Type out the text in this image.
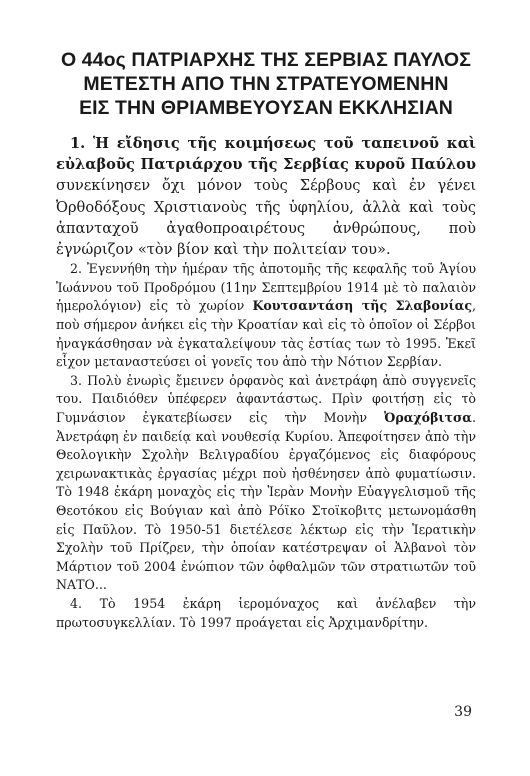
Ο 44ος ΠΑΤΡΙΑΡΧΗΣ ΤΗΣ ΣΕΡΒΙΑΣ ΠΑΥΛΟΣ
ΜΕΤΕΣΤΗ ΑΠΟ ΤΗΝ ΣΤΡΑΤΕΥΟΜΕΝΗΝ
ΕΙΣ ΤΗΝ ΘΡΙΑΜΒΕΥΟΥΣΑΝ ΕΚΚΛΗΣΙΑΝ

1. Ἡ εἴδησις τῆς κοιμήσεως τοῦ ταπεινοῦ καὶ εὐλαβοῦς Πατριάρχου τῆς Σερβίας κυροῦ Παύλου συνεκίνησεν ὄχι μόνον τοὺς Σέρβους καὶ ἐν γένει Ὀρθοδόξους Χριστιανοὺς τῆς ὑφηλίου, ἀλλὰ καὶ τοὺς ἁπανταχοῦ ἀγαθοπροαιρέτους ἀνθρώπους, ποὺ ἐγνώριζον «τὸν βίον καὶ τὴν πολιτείαν του».

2. Ἐγεννήθη τὴν ἡμέραν τῆς ἀποτομῆς τῆς κεφαλῆς τοῦ Ἁγίου Ἰωάννου τοῦ Προδρόμου (11ην Σεπτεμβρίου 1914 μὲ τὸ παλαιὸν ἡμερολόγιον) εἰς τὸ χωρίον Κουτσαντάση τῆς Σλαβονίας, ποὺ σήμερον ἀνήκει εἰς τὴν Κροατίαν καὶ εἰς τὸ ὁποῖον οἱ Σέρβοι ἠναγκάσθησαν νὰ ἐγκαταλείψουν τὰς ἑστίας των τὸ 1995. Ἐκεῖ εἶχον μεταναστεύσει οἱ γονεῖς του ἀπὸ τὴν Νότιον Σερβίαν.

3. Πολὺ ἐνωρὶς ἔμεινεν ὀρφανὸς καὶ ἀνετράφη ἀπὸ συγγενεῖς του. Παιδιόθεν ὑπέφερεν ἀφαντάστως. Πρὶν φοιτήσῃ εἰς τὸ Γυμνάσιον ἐγκατεβίωσεν εἰς τὴν Μονὴν Ὀραχόβιτσα. Ἀνετράφη ἐν παιδείᾳ καὶ νουθεσίᾳ Κυρίου. Ἀπεφοίτησεν ἀπὸ τὴν Θεολογικὴν Σχολὴν Βελιγραδίου ἐργαζόμενος εἰς διαφόρους χειρωνακτικὰς ἐργασίας μέχρι ποὺ ἠσθένησεν ἀπὸ φυματίωσιν. Τὸ 1948 ἐκάρη μοναχὸς εἰς τὴν Ἱερὰν Μονὴν Εὐαγγελισμοῦ τῆς Θεοτόκου εἰς Βούγιαν καὶ ἀπὸ Ρόϊκο Στοϊκοβιτς μετωνομάσθη εἰς Παῦλον. Τὸ 1950-51 διετέλεσε λέκτωρ εἰς τὴν Ἱερατικὴν Σχολὴν τοῦ Πρίζρεν, τὴν ὁποίαν κατέστρεψαν οἱ Ἀλβανοὶ τὸν Μάρτιον τοῦ 2004 ἐνώπιον τῶν ὀφθαλμῶν τῶν στρατιωτῶν τοῦ ΝΑΤΟ...

4. Τὸ 1954 ἐκάρη ἱερομόναχος καὶ ἀνέλαβεν τὴν πρωτοσυγκελλίαν. Τὸ 1997 προάγεται εἰς Ἀρχιμανδρίτην.

39
